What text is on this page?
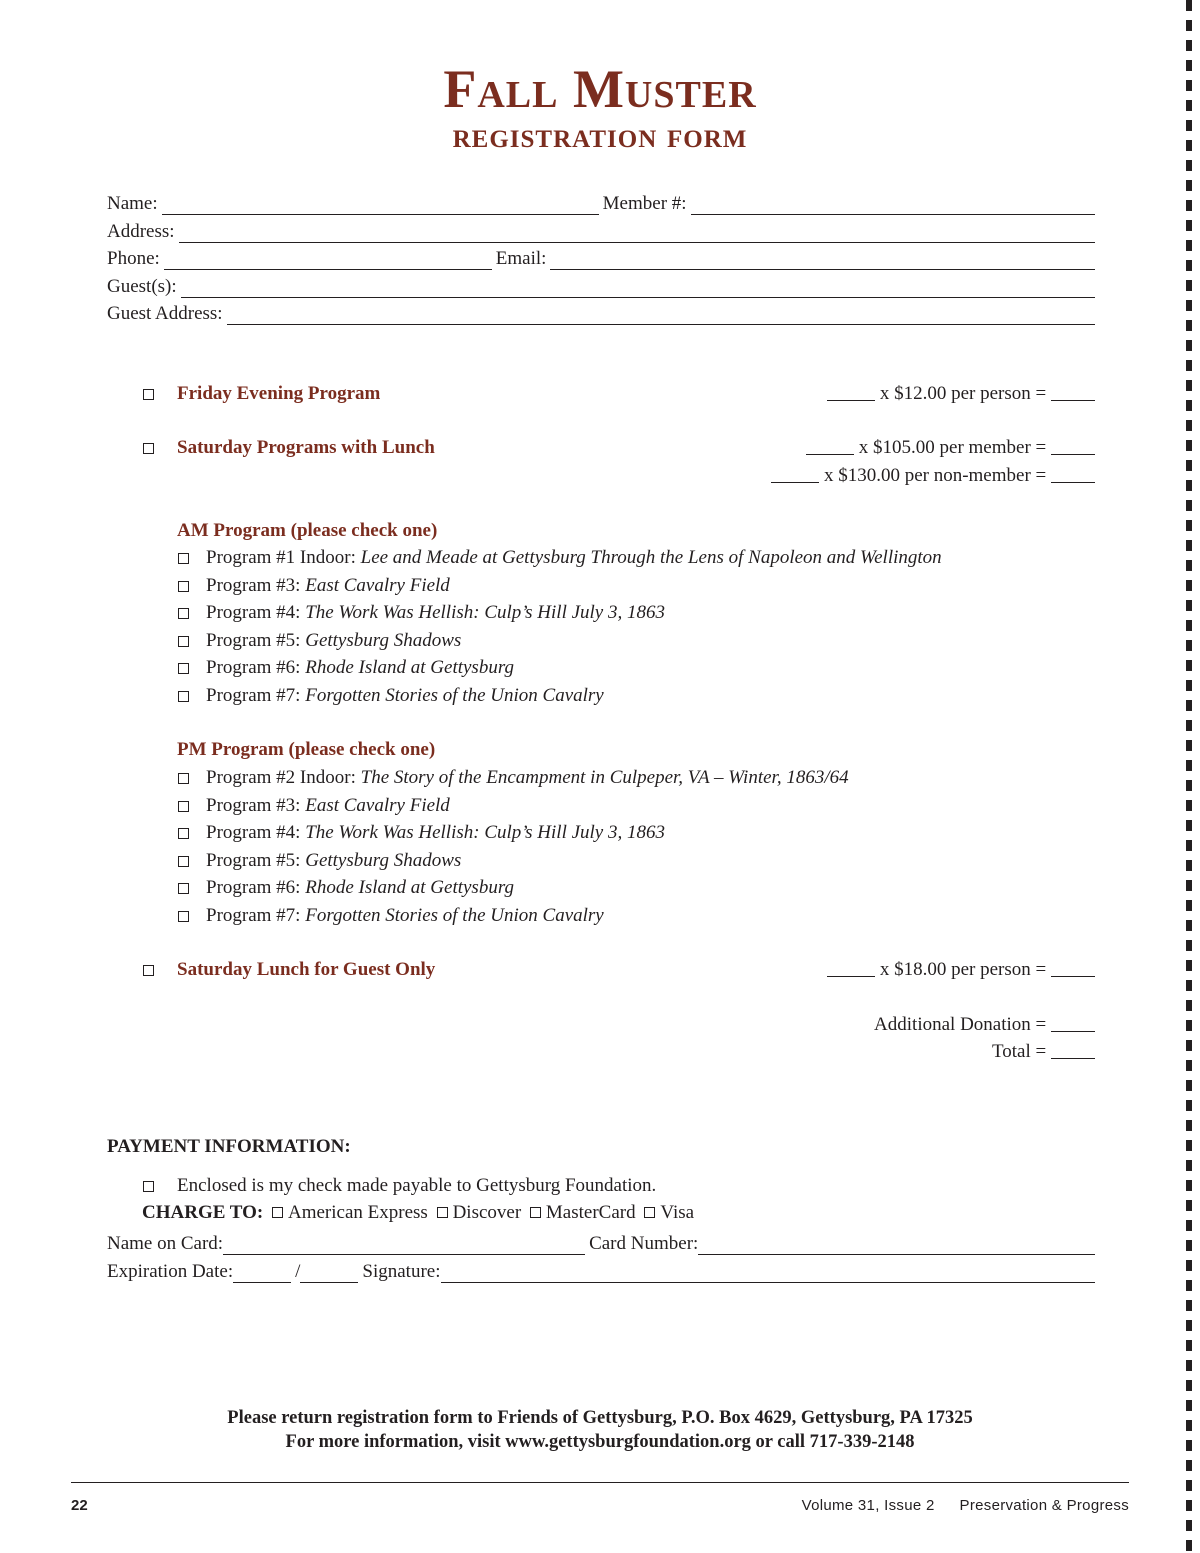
Fall Muster
registration form
Name:	Member #:
Address:
Phone:	Email:
Guest(s):
Guest Address:
Friday Evening Program	x $12.00 per person =
Saturday Programs with Lunch	x $105.00 per member =
x $130.00 per non-member =
AM Program (please check one)
Program #1 Indoor: Lee and Meade at Gettysburg Through the Lens of Napoleon and Wellington
Program #3: East Cavalry Field
Program #4: The Work Was Hellish: Culp’s Hill July 3, 1863
Program #5: Gettysburg Shadows
Program #6: Rhode Island at Gettysburg
Program #7: Forgotten Stories of the Union Cavalry
PM Program (please check one)
Program #2 Indoor: The Story of the Encampment in Culpeper, VA – Winter, 1863/64
Program #3: East Cavalry Field
Program #4: The Work Was Hellish: Culp’s Hill July 3, 1863
Program #5: Gettysburg Shadows
Program #6: Rhode Island at Gettysburg
Program #7: Forgotten Stories of the Union Cavalry
Saturday Lunch for Guest Only	x $18.00 per person =
Additional Donation =
Total =
PAYMENT INFORMATION:
Enclosed is my check made payable to Gettysburg Foundation.
CHARGE TO: American Express Discover MasterCard Visa
Name on Card:	Card Number:
Expiration Date:	/	Signature:
Please return registration form to Friends of Gettysburg, P.O. Box 4629, Gettysburg, PA 17325
For more information, visit www.gettysburgfoundation.org or call 717-339-2148
22	Volume 31, Issue 2 Preservation & Progress
